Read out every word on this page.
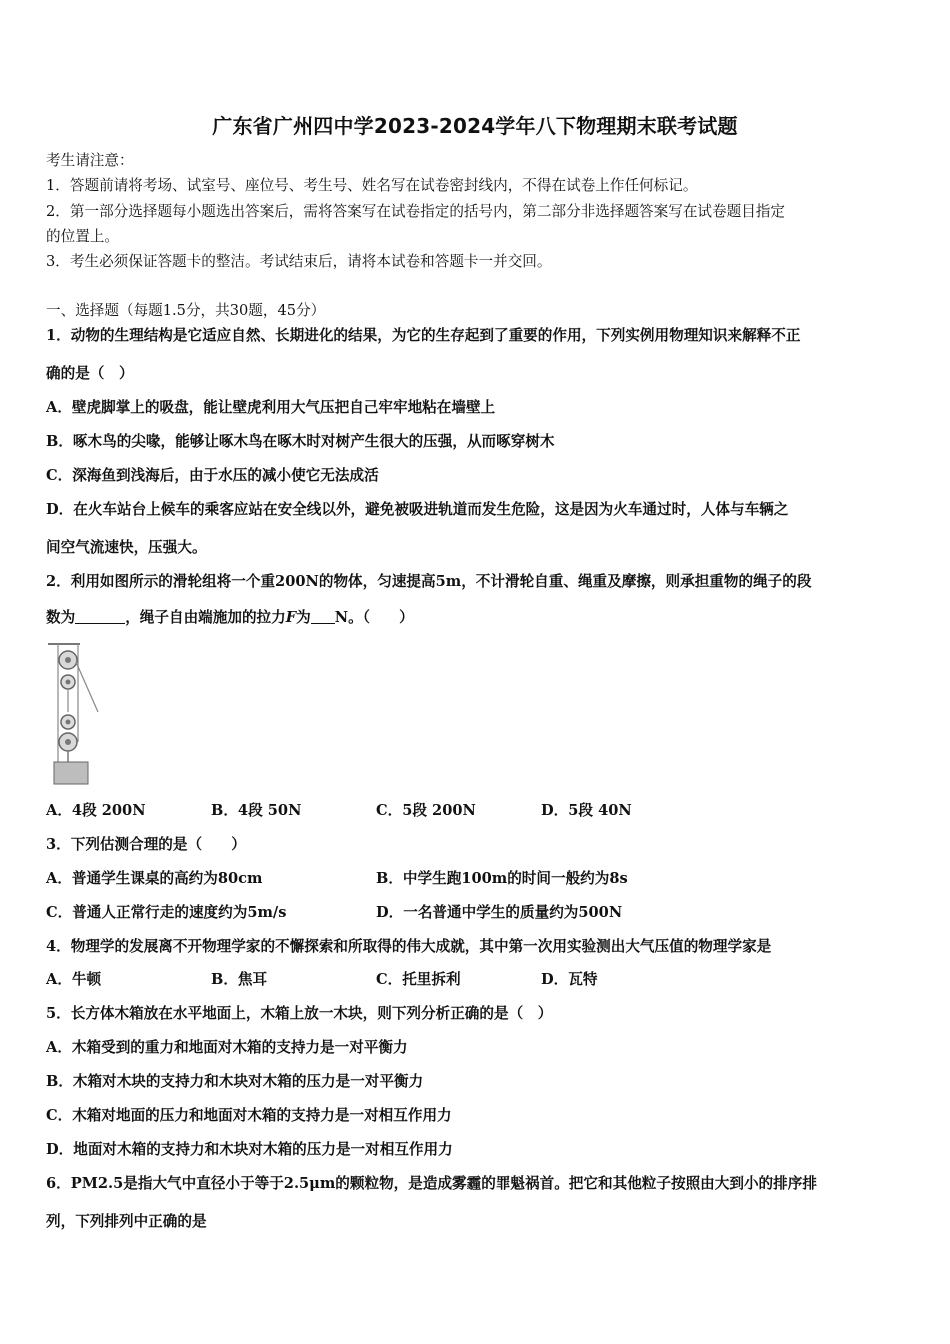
广东省广州四中学2023-2024学年八下物理期末联考试题
考生请注意：
1．答题前请将考场、试室号、座位号、考生号、姓名写在试卷密封线内，不得在试卷上作任何标记。
2．第一部分选择题每小题选出答案后，需将答案写在试卷指定的括号内，第二部分非选择题答案写在试卷题目指定
的位置上。
3．考生必须保证答题卡的整洁。考试结束后，请将本试卷和答题卡一并交回。
一、选择题（每题1.5分，共30题，45分）
1．动物的生理结构是它适应自然、长期进化的结果，为它的生存起到了重要的作用，下列实例用物理知识来解释不正
确的是（　）
A．壁虎脚掌上的吸盘，能让壁虎利用大气压把自己牢牢地粘在墙壁上
B．啄木鸟的尖喙，能够让啄木鸟在啄木时对树产生很大的压强，从而啄穿树木
C．深海鱼到浅海后，由于水压的减小使它无法成活
D．在火车站台上候车的乘客应站在安全线以外，避免被吸进轨道而发生危险，这是因为火车通过时，人体与车辆之
间空气流速快，压强大。
2．利用如图所示的滑轮组将一个重200N的物体，匀速提高5m，不计滑轮自重、绳重及摩擦，则承担重物的绳子的段
数为	，绳子自由端施加的拉力F为 N。（　　）
A．4段 200N	B．4段 50N	C．5段 200N	D．5段 40N
3．下列估测合理的是（　　）
A．普通学生课桌的高约为80cm	B．中学生跑100m的时间一般约为8s
C．普通人正常行走的速度约为5m/s	D．一名普通中学生的质量约为500N
4．物理学的发展离不开物理学家的不懈探索和所取得的伟大成就，其中第一次用实验测出大气压值的物理学家是
A．牛顿	B．焦耳	C．托里拆利	D．瓦特
5．长方体木箱放在水平地面上，木箱上放一木块，则下列分析正确的是（　）
A．木箱受到的重力和地面对木箱的支持力是一对平衡力
B．木箱对木块的支持力和木块对木箱的压力是一对平衡力
C．木箱对地面的压力和地面对木箱的支持力是一对相互作用力
D．地面对木箱的支持力和木块对木箱的压力是一对相互作用力
6．PM2.5是指大气中直径小于等于2.5μm的颗粒物，是造成雾霾的罪魁祸首。把它和其他粒子按照由大到小的排序排
列，下列排列中正确的是
